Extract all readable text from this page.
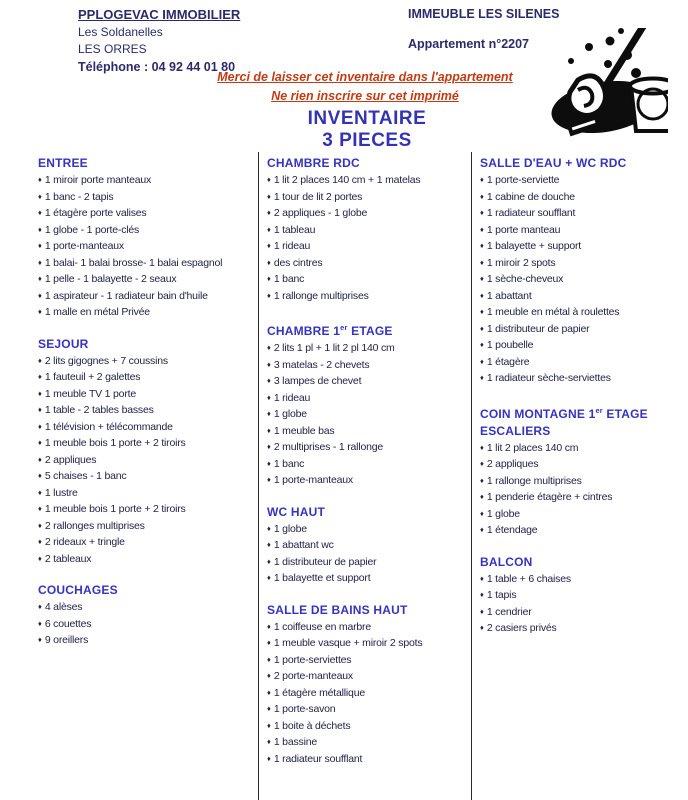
PPLOGEVAC IMMOBILIER
Les Soldanelles
LES ORRES
Téléphone : 04 92 44 01 80
IMMEUBLE LES SILENES
Appartement n°2207
Merci de laisser cet inventaire dans l'appartement
Ne rien inscrire sur cet imprimé
INVENTAIRE
3 PIECES
ENTREE
♦ 1 miroir porte manteaux
♦ 1 banc - 2 tapis
♦ 1 étagère porte valises
♦ 1 globe - 1 porte-clés
♦ 1 porte-manteaux
♦ 1 balai- 1 balai brosse- 1 balai espagnol
♦ 1 pelle - 1 balayette - 2 seaux
♦ 1 aspirateur - 1 radiateur bain d'huile
♦ 1 malle en métal Privée
SEJOUR
♦ 2 lits gigognes + 7 coussins
♦ 1 fauteuil + 2 galettes
♦ 1 meuble TV 1 porte
♦ 1 table - 2 tables basses
♦ 1 télévision + télécommande
♦ 1 meuble bois 1 porte + 2 tiroirs
♦ 2 appliques
♦ 5 chaises - 1 banc
♦ 1 lustre
♦ 1 meuble bois 1 porte + 2 tiroirs
♦ 2 rallonges multiprises
♦ 2 rideaux + tringle
♦ 2 tableaux
COUCHAGES
♦ 4 alèses
♦ 6 couettes
♦ 9 oreillers
CHAMBRE RDC
♦ 1 lit 2 places 140 cm + 1 matelas
♦ 1 tour de lit 2 portes
♦ 2 appliques - 1 globe
♦ 1 tableau
♦ 1 rideau
♦ des cintres
♦ 1 banc
♦ 1 rallonge multiprises
CHAMBRE 1er ETAGE
♦ 2 lits 1 pl + 1 lit 2 pl 140 cm
♦ 3 matelas - 2 chevets
♦ 3 lampes de chevet
♦ 1 rideau
♦ 1 globe
♦ 1 meuble bas
♦ 2 multiprises - 1 rallonge
♦ 1 banc
♦ 1 porte-manteaux
WC HAUT
♦ 1 globe
♦ 1 abattant wc
♦ 1 distributeur de papier
♦ 1 balayette et support
SALLE DE BAINS HAUT
♦ 1 coiffeuse en marbre
♦ 1 meuble vasque + miroir 2 spots
♦ 1 porte-serviettes
♦ 2 porte-manteaux
♦ 1 étagère métallique
♦ 1 porte-savon
♦ 1 boite à déchets
♦ 1 bassine
♦ 1 radiateur soufflant
SALLE D'EAU + WC RDC
♦ 1 porte-serviette
♦ 1 cabine de douche
♦ 1 radiateur soufflant
♦ 1 porte manteau
♦ 1 balayette + support
♦ 1 miroir 2 spots
♦ 1 sèche-cheveux
♦ 1 abattant
♦ 1 meuble en métal à roulettes
♦ 1 distributeur de papier
♦ 1 poubelle
♦ 1 étagère
♦ 1 radiateur sèche-serviettes
COIN MONTAGNE 1er ETAGE
ESCALIERS
♦ 1 lit 2 places 140 cm
♦ 2 appliques
♦ 1 rallonge multiprises
♦ 1 penderie étagère + cintres
♦ 1 globe
♦ 1 étendage
BALCON
♦ 1 table + 6 chaises
♦ 1 tapis
♦ 1 cendrier
♦ 2 casiers privés
